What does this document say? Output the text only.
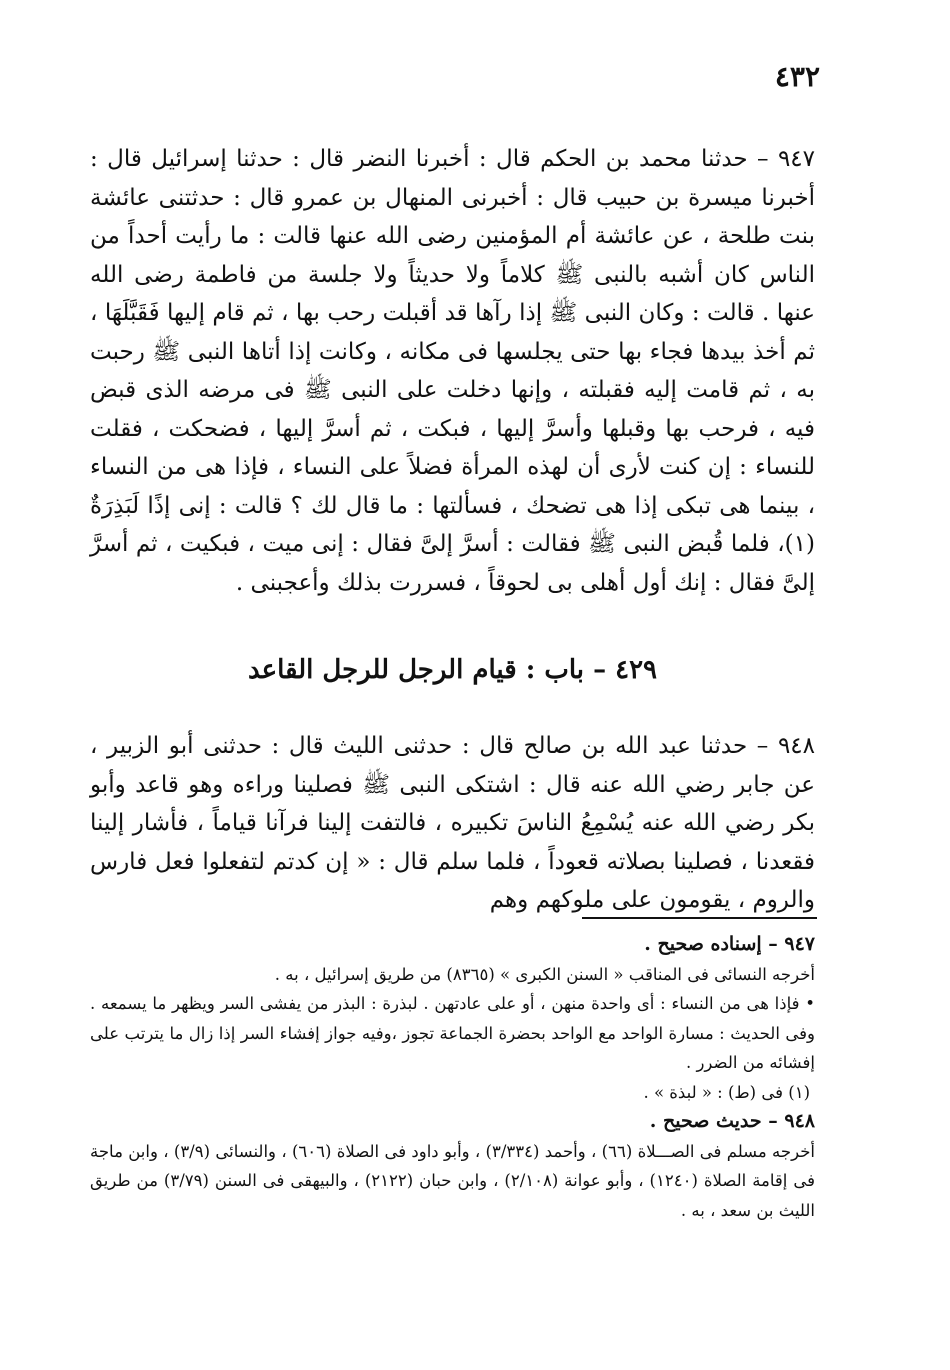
٤٣٢

٩٤٧ – حدثنا محمد بن الحكم قال : أخبرنا النضر قال : حدثنا إسرائيل قال : أخبرنا ميسرة بن حبيب قال : أخبرنى المنهال بن عمرو قال : حدثتنى عائشة بنت طلحة ، عن عائشة أم المؤمنين رضى الله عنها قالت : ما رأيت أحداً من الناس كان أشبه بالنبى ﷺ كلاماً ولا حديثاً ولا جلسة من فاطمة رضى الله عنها . قالت : وكان النبى ﷺ إذا رآها قد أقبلت رحب بها ، ثم قام إليها فَقَبَّلَهَا ، ثم أخذ بيدها فجاء بها حتى يجلسها فى مكانه ، وكانت إذا أتاها النبى ﷺ رحبت به ، ثم قامت إليه فقبلته ، وإنها دخلت على النبى ﷺ فى مرضه الذى قبض فيه ، فرحب بها وقبلها وأسرَّ إليها ، فبكت ، ثم أسرَّ إليها ، فضحكت ، فقلت للنساء : إن كنت لأرى أن لهذه المرأة فضلاً على النساء ، فإذا هى من النساء ، بينما هى تبكى إذا هى تضحك ، فسألتها : ما قال لك ؟ قالت : إنى إذًا لَبَذِرَةٌ (١)، فلما قُبض النبى ﷺ فقالت : أسرَّ إلىَّ فقال : إنى ميت ، فبكيت ، ثم أسرَّ إلىَّ فقال : إنك أول أهلى بى لحوقاً ، فسررت بذلك وأعجبنى .

٤٢٩ – باب : قيام الرجل للرجل القاعد

٩٤٨ – حدثنا عبد الله بن صالح قال : حدثنى الليث قال : حدثنى أبو الزبير ، عن جابر رضي الله عنه قال : اشتكى النبى ﷺ فصلينا وراءه وهو قاعد وأبو بكر رضي الله عنه يُسْمِعُ الناسَ تكبيره ، فالتفت إلينا فرآنا قياماً ، فأشار إلينا فقعدنا ، فصلينا بصلاته قعوداً ، فلما سلم قال : « إن كدتم لتفعلوا فعل فارس والروم ، يقومون على ملوكهم وهم

٩٤٧ – إسناده صحيح .

أخرجه النسائى فى المناقب « السنن الكبرى » (٨٣٦٥) من طريق إسرائيل ، به .

• فإذا هى من النساء : أى واحدة منهن ، أو على عادتهن . لبذرة : البذر من يفشى السر ويظهر ما يسمعه . وفى الحديث : مسارة الواحد مع الواحد بحضرة الجماعة تجوز ،وفيه جواز إفشاء السر إذا زال ما يترتب على إفشائه من الضرر .

(١) فى (ط) : « لبذة » .

٩٤٨ – حديث صحيح .

أخرجه مسلم فى الصـــلاة (٦٦) ، وأحمد (٣/٣٣٤) ، وأبو داود فى الصلاة (٦٠٦) ، والنسائى (٣/٩) ، وابن ماجة فى إقامة الصلاة (١٢٤٠) ، وأبو عوانة (٢/١٠٨) ، وابن حبان (٢١٢٢) ، والبيهقى فى السنن (٣/٧٩) من طريق الليث بن سعد ، به .
